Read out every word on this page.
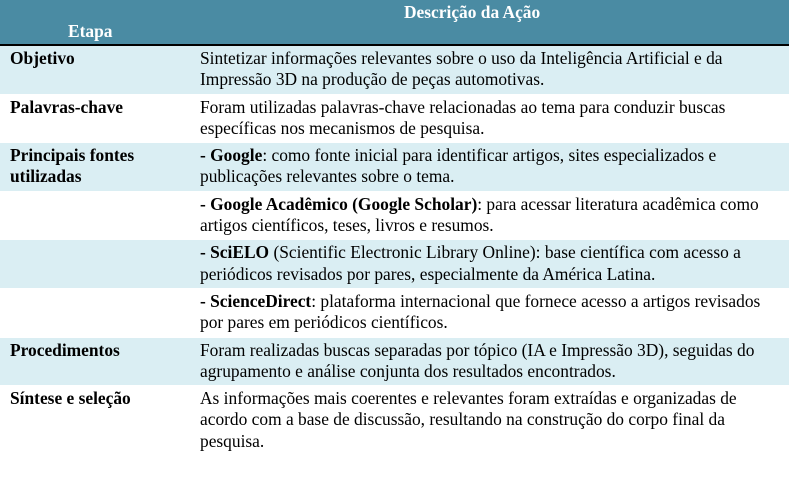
Etapa	Descrição da Ação

Objetivo	Sintetizar informações relevantes sobre o uso da Inteligência Artificial e da Impressão 3D na produção de peças automotivas.
Palavras-chave	Foram utilizadas palavras-chave relacionadas ao tema para conduzir buscas específicas nos mecanismos de pesquisa.
Principais fontes utilizadas	- Google: como fonte inicial para identificar artigos, sites especializados e publicações relevantes sobre o tema.
	- Google Acadêmico (Google Scholar): para acessar literatura acadêmica como artigos científicos, teses, livros e resumos.
	- SciELO (Scientific Electronic Library Online): base científica com acesso a periódicos revisados por pares, especialmente da América Latina.
	- ScienceDirect: plataforma internacional que fornece acesso a artigos revisados por pares em periódicos científicos.
Procedimentos	Foram realizadas buscas separadas por tópico (IA e Impressão 3D), seguidas do agrupamento e análise conjunta dos resultados encontrados.
Síntese e seleção	As informações mais coerentes e relevantes foram extraídas e organizadas de acordo com a base de discussão, resultando na construção do corpo final da pesquisa.
